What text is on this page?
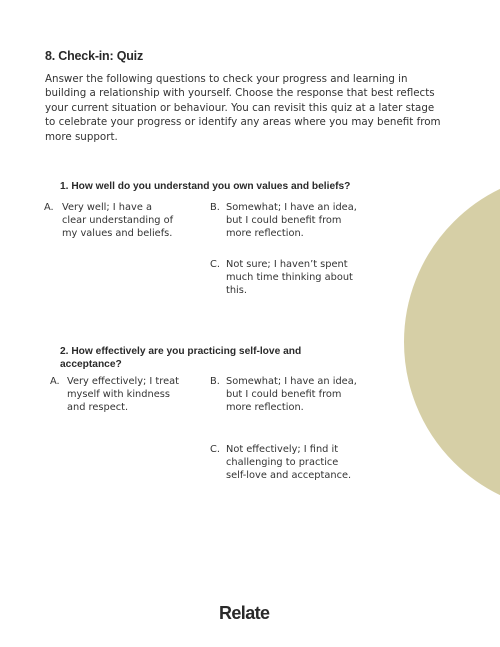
8. Check-in: Quiz
Answer the following questions to check your progress and learning in building a relationship with yourself. Choose the response that best reflects your current situation or behaviour. You can revisit this quiz at a later stage to celebrate your progress or identify any areas where you may benefit from more support.
1. How well do you understand you own values and beliefs?
A. Very well; I have a clear understanding of my values and beliefs.
B. Somewhat; I have an idea, but I could benefit from more reflection.
C. Not sure; I haven’t spent much time thinking about this.
2. How effectively are you practicing self-love and acceptance?
A. Very effectively; I treat myself with kindness and respect.
B. Somewhat; I have an idea, but I could benefit from more reflection.
C. Not effectively; I find it challenging to practice self-love and acceptance.
Relate
